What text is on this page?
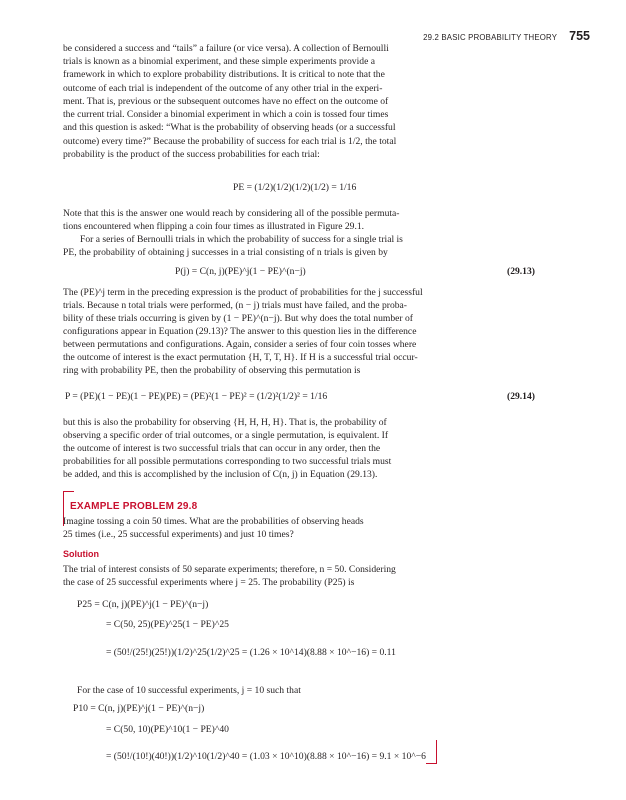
29.2 BASIC PROBABILITY THEORY 755
be considered a success and “tails” a failure (or vice versa). A collection of Bernoulli
trials is known as a binomial experiment, and these simple experiments provide a
framework in which to explore probability distributions. It is critical to note that the
outcome of each trial is independent of the outcome of any other trial in the experi-
ment. That is, previous or the subsequent outcomes have no effect on the outcome of
the current trial. Consider a binomial experiment in which a coin is tossed four times
and this question is asked: “What is the probability of observing heads (or a successful
outcome) every time?” Because the probability of success for each trial is 1/2, the total
probability is the product of the success probabilities for each trial:
PE = (1/2)(1/2)(1/2)(1/2) = 1/16
Note that this is the answer one would reach by considering all of the possible permuta-
tions encountered when flipping a coin four times as illustrated in Figure 29.1.
For a series of Bernoulli trials in which the probability of success for a single trial is
PE, the probability of obtaining j successes in a trial consisting of n trials is given by
P(j) = C(n, j)(PE)^j(1 − PE)^(n−j)	(29.13)
The (PE)^j term in the preceding expression is the product of probabilities for the j successful
trials. Because n total trials were performed, (n − j) trials must have failed, and the proba-
bility of these trials occurring is given by (1 − PE)^(n−j). But why does the total number of
configurations appear in Equation (29.13)? The answer to this question lies in the difference
between permutations and configurations. Again, consider a series of four coin tosses where
the outcome of interest is the exact permutation {H, T, T, H}. If H is a successful trial occur-
ring with probability PE, then the probability of observing this permutation is
P = (PE)(1 − PE)(1 − PE)(PE) = (PE)²(1 − PE)² = (1/2)²(1/2)² = 1/16	(29.14)
but this is also the probability for observing {H, H, H, H}. That is, the probability of
observing a specific order of trial outcomes, or a single permutation, is equivalent. If
the outcome of interest is two successful trials that can occur in any order, then the
probabilities for all possible permutations corresponding to two successful trials must
be added, and this is accomplished by the inclusion of C(n, j) in Equation (29.13).
EXAMPLE PROBLEM 29.8
Imagine tossing a coin 50 times. What are the probabilities of observing heads
25 times (i.e., 25 successful experiments) and just 10 times?
Solution
The trial of interest consists of 50 separate experiments; therefore, n = 50. Considering
the case of 25 successful experiments where j = 25. The probability (P25) is
P25 = C(n, j)(PE)^j(1 − PE)^(n−j)
= C(50, 25)(PE)^25(1 − PE)^25
= (50!/(25!)(25!))(1/2)^25(1/2)^25 = (1.26 × 10^14)(8.88 × 10^−16) = 0.11
For the case of 10 successful experiments, j = 10 such that
P10 = C(n, j)(PE)^j(1 − PE)^(n−j)
= C(50, 10)(PE)^10(1 − PE)^40
= (50!/(10!)(40!))(1/2)^10(1/2)^40 = (1.03 × 10^10)(8.88 × 10^−16) = 9.1 × 10^−6
